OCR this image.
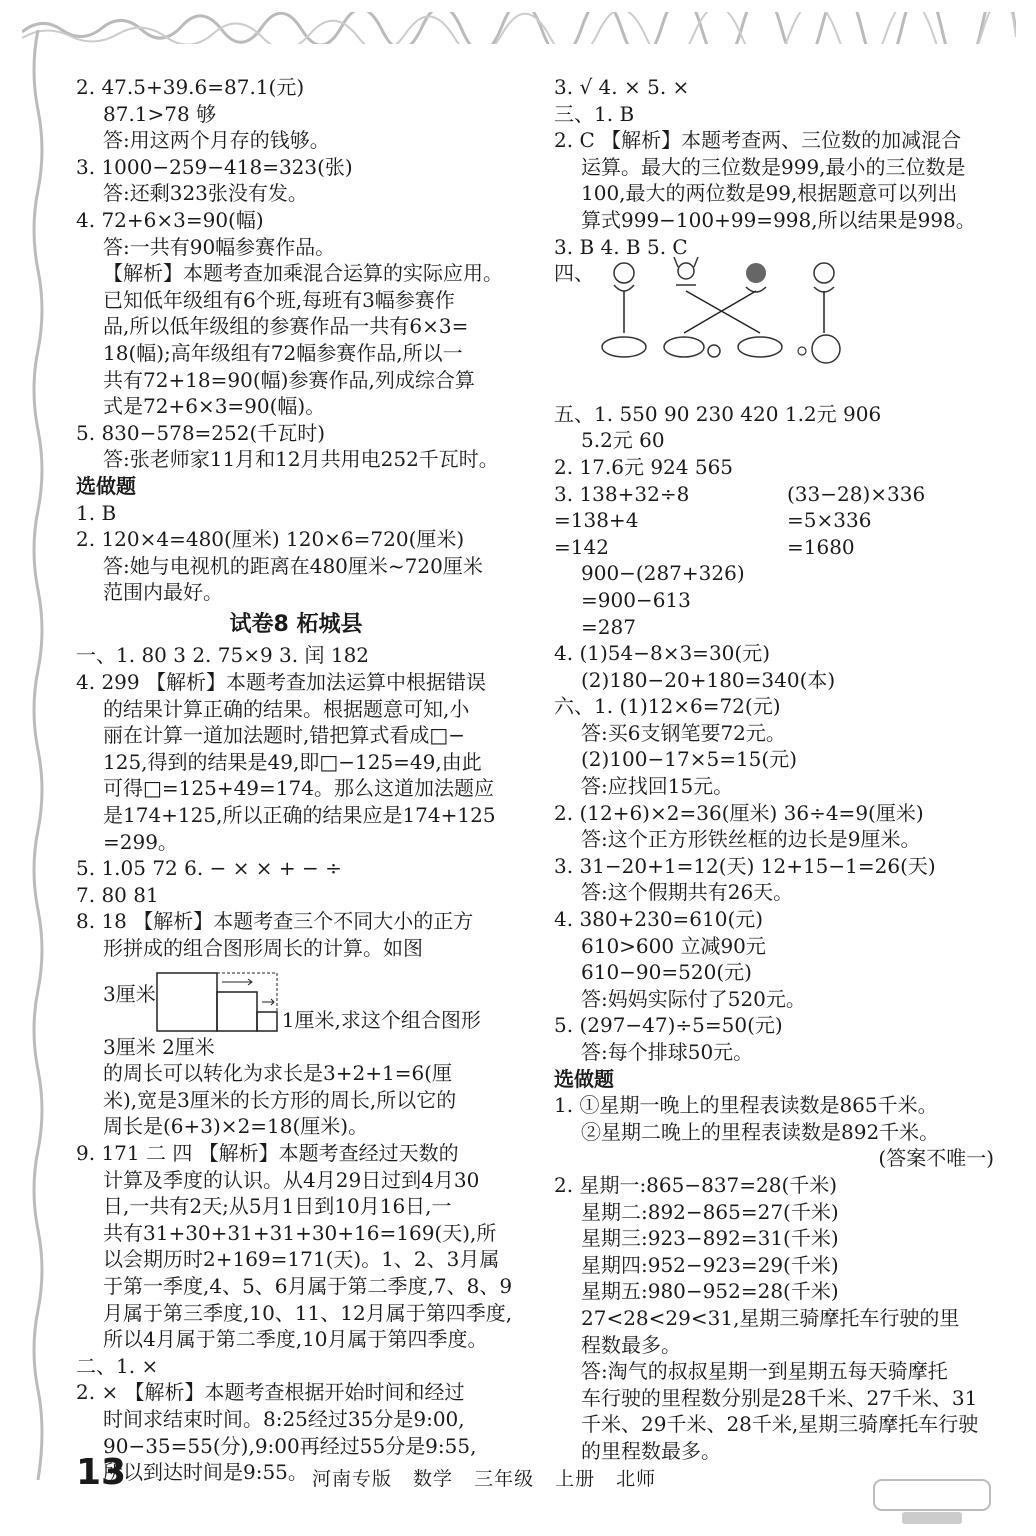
2. 47.5+39.6=87.1(元)
87.1>78 够
答:用这两个月存的钱够。
3. 1000−259−418=323(张)
答:还剩323张没有发。
4. 72+6×3=90(幅)
答:一共有90幅参赛作品。
【解析】本题考查加乘混合运算的实际应用。
已知低年级组有6个班,每班有3幅参赛作
品,所以低年级组的参赛作品一共有6×3=
18(幅);高年级组有72幅参赛作品,所以一
共有72+18=90(幅)参赛作品,列成综合算
式是72+6×3=90(幅)。
5. 830−578=252(千瓦时)
答:张老师家11月和12月共用电252千瓦时。
选做题
1. B
2. 120×4=480(厘米) 120×6=720(厘米)
答:她与电视机的距离在480厘米~720厘米
范围内最好。
试卷8 柘城县
一、1. 80 3 2. 75×9 3. 闰 182
4. 299 【解析】本题考查加法运算中根据错误
的结果计算正确的结果。根据题意可知,小
丽在计算一道加法题时,错把算式看成□−
125,得到的结果是49,即□−125=49,由此
可得□=125+49=174。那么这道加法题应
是174+125,所以正确的结果应是174+125
=299。
5. 1.05 72 6. − × × + − ÷
7. 80 81
8. 18 【解析】本题考查三个不同大小的正方
形拼成的组合图形周长的计算。如图
3厘米
1厘米,求这个组合图形
3厘米 2厘米
的周长可以转化为求长是3+2+1=6(厘
米),宽是3厘米的长方形的周长,所以它的
周长是(6+3)×2=18(厘米)。
9. 171 二 四 【解析】本题考查经过天数的
计算及季度的认识。从4月29日过到4月30
日,一共有2天;从5月1日到10月16日,一
共有31+30+31+31+30+16=169(天),所
以会期历时2+169=171(天)。1、2、3月属
于第一季度,4、5、6月属于第二季度,7、8、9
月属于第三季度,10、11、12月属于第四季度,
所以4月属于第二季度,10月属于第四季度。
二、1. ×
2. × 【解析】本题考查根据开始时间和经过
时间求结束时间。8:25经过35分是9:00,
90−35=55(分),9:00再经过55分是9:55,
所以到达时间是9:55。
3. √ 4. × 5. ×
三、1. B
2. C 【解析】本题考查两、三位数的加减混合
运算。最大的三位数是999,最小的三位数是
100,最大的两位数是99,根据题意可以列出
算式999−100+99=998,所以结果是998。
3. B 4. B 5. C
四、
五、1. 550 90 230 420 1.2元 906
5.2元 60
2. 17.6元 924 565
3. 138+32÷8	(33−28)×336
=138+4	=5×336
=142	=1680
900−(287+326)
=900−613
=287
4. (1)54−8×3=30(元)
(2)180−20+180=340(本)
六、1. (1)12×6=72(元)
答:买6支钢笔要72元。
(2)100−17×5=15(元)
答:应找回15元。
2. (12+6)×2=36(厘米) 36÷4=9(厘米)
答:这个正方形铁丝框的边长是9厘米。
3. 31−20+1=12(天) 12+15−1=26(天)
答:这个假期共有26天。
4. 380+230=610(元)
610>600 立减90元
610−90=520(元)
答:妈妈实际付了520元。
5. (297−47)÷5=50(元)
答:每个排球50元。
选做题
1. ①星期一晚上的里程表读数是865千米。
②星期二晚上的里程表读数是892千米。
(答案不唯一)
2. 星期一:865−837=28(千米)
星期二:892−865=27(千米)
星期三:923−892=31(千米)
星期四:952−923=29(千米)
星期五:980−952=28(千米)
27<28<29<31,星期三骑摩托车行驶的里
程数最多。
答:淘气的叔叔星期一到星期五每天骑摩托
车行驶的里程数分别是28千米、27千米、31
千米、29千米、28千米,星期三骑摩托车行驶
的里程数最多。
13	河南专版 数学 三年级 上册 北师
